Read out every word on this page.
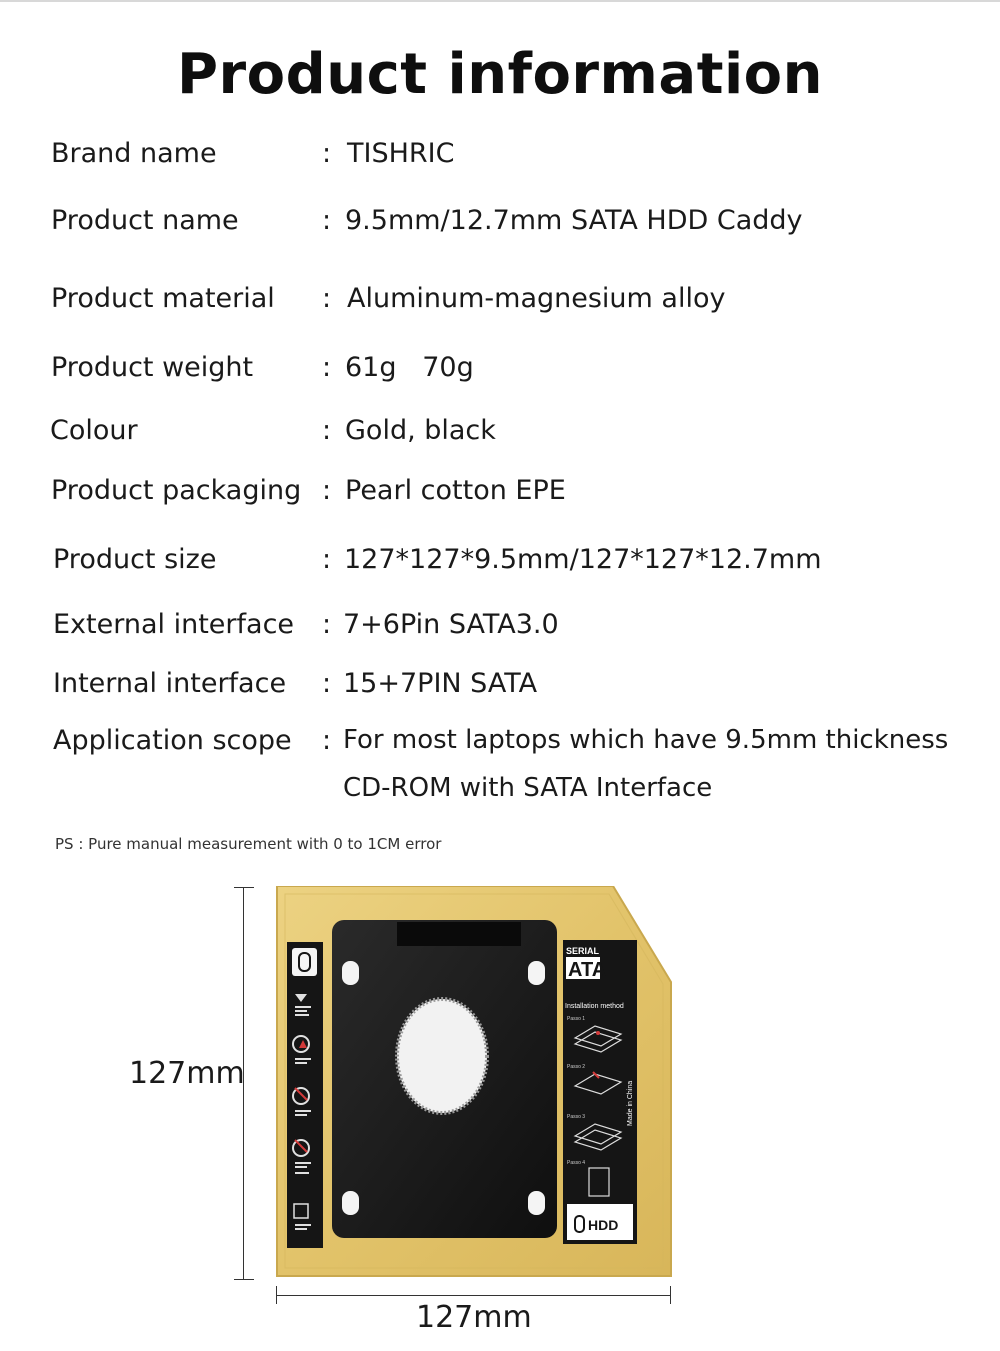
Product information
Brand name	: TISHRIC
Product name	: 9.5mm/12.7mm SATA HDD Caddy
Product material : Aluminum-magnesium alloy
Product weight	: 61g   70g
Colour	: Gold, black
Product packaging : Pearl cotton EPE
Product size	: 127*127*9.5mm/127*127*12.7mm
External interface : 7+6Pin SATA3.0
Internal interface : 15+7PIN SATA
Application scope : For most laptops which have 9.5mm thickness
CD-ROM with SATA Interface
PS : Pure manual measurement with 0 to 1CM error
127mm
127mm
SERIAL
ATA
Installation method
Passo 1
Passo 2
Passo 3
Passo 4
Made in China
HDD
